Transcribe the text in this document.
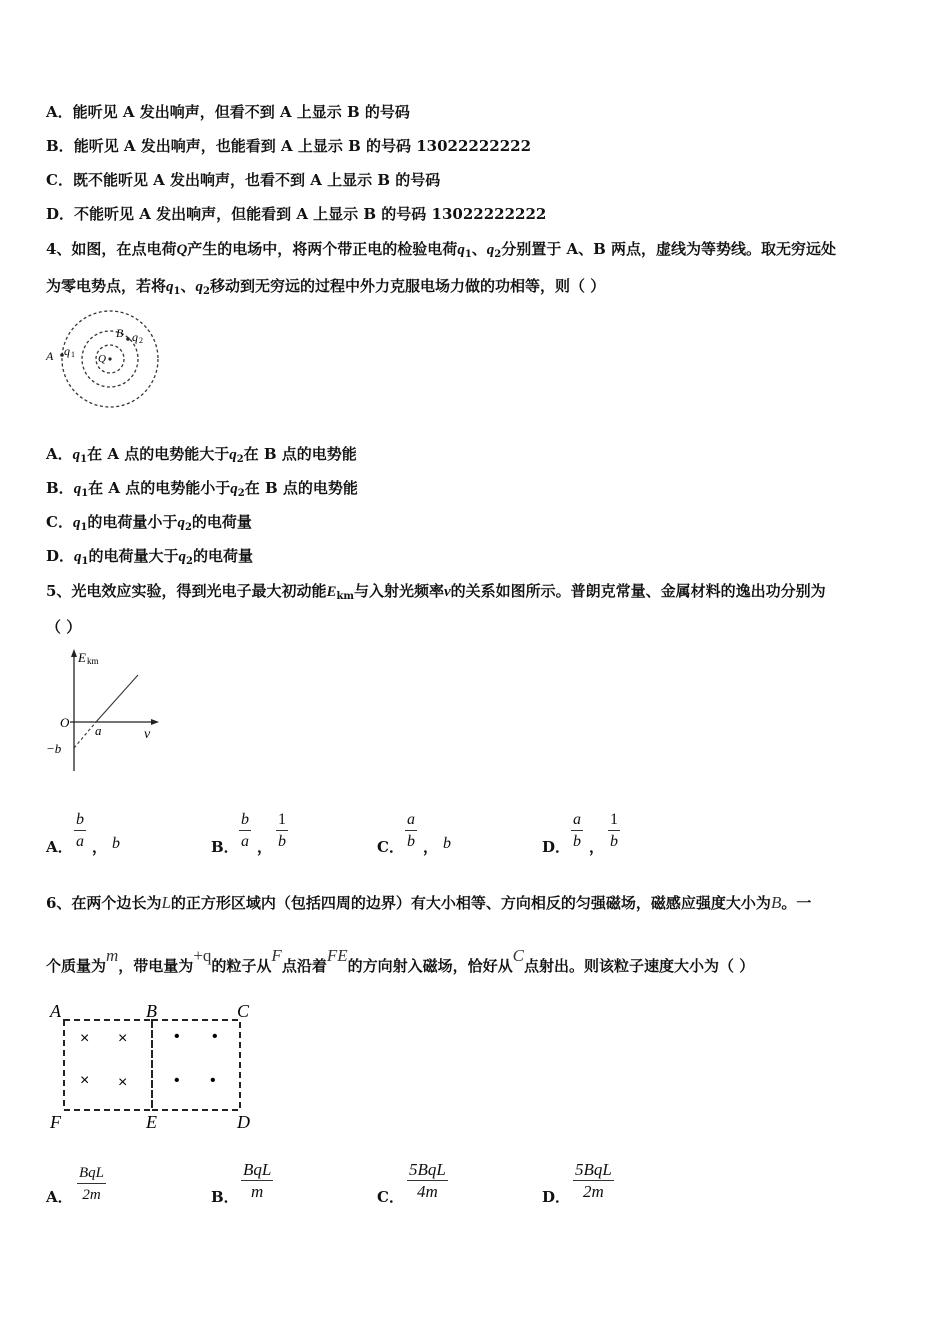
A．能听见 A 发出响声，但看不到 A 上显示 B 的号码
B．能听见 A 发出响声，也能看到 A 上显示 B 的号码 13022222222
C．既不能听见 A 发出响声，也看不到 A 上显示 B 的号码
D．不能听见 A 发出响声，但能看到 A 上显示 B 的号码 13022222222
4、如图，在点电荷Q产生的电场中，将两个带正电的检验电荷$q_1$、$q_2$分别置于 A、B 两点，虚线为等势线。取无穷远处
为零电势点，若将$q_1$、$q_2$移动到无穷远的过程中外力克服电场力做的功相等，则（ ）
A q 1 Q
B q 2
A．$q_1$在 A 点的电势能大于$q_2$在 B 点的电势能
B．$q_1$在 A 点的电势能小于$q_2$在 B 点的电势能
C．$q_1$的电荷量小于$q_2$的电荷量
D．$q_1$的电荷量大于$q_2$的电荷量
5、光电效应实验，得到光电子最大初动能$E_{km}$与入射光频率ν的关系如图所示。普朗克常量、金属材料的逸出功分别为
（ ）
E km
O
a	ν
−b
A． $\frac{b}{a}$ ， b	B． $\frac{b}{a}$ ， $\frac{1}{b}$	C． $\frac{a}{b}$ ， b	D． $\frac{a}{b}$ ， $\frac{1}{b}$
6、在两个边长为L的正方形区域内（包括四周的边界）有大小相等、方向相反的匀强磁场，磁感应强度大小为B。一
个质量为m，带电量为+q的粒子从F点沿着FE的方向射入磁场，恰好从C点射出。则该粒子速度大小为（ ）
× ×
× ×
• •
• •
A	B	C
F	E	D
A．
BqL
2m	B．
BqL
m	C．
5BqL
4m	D．
5BqL
2m
